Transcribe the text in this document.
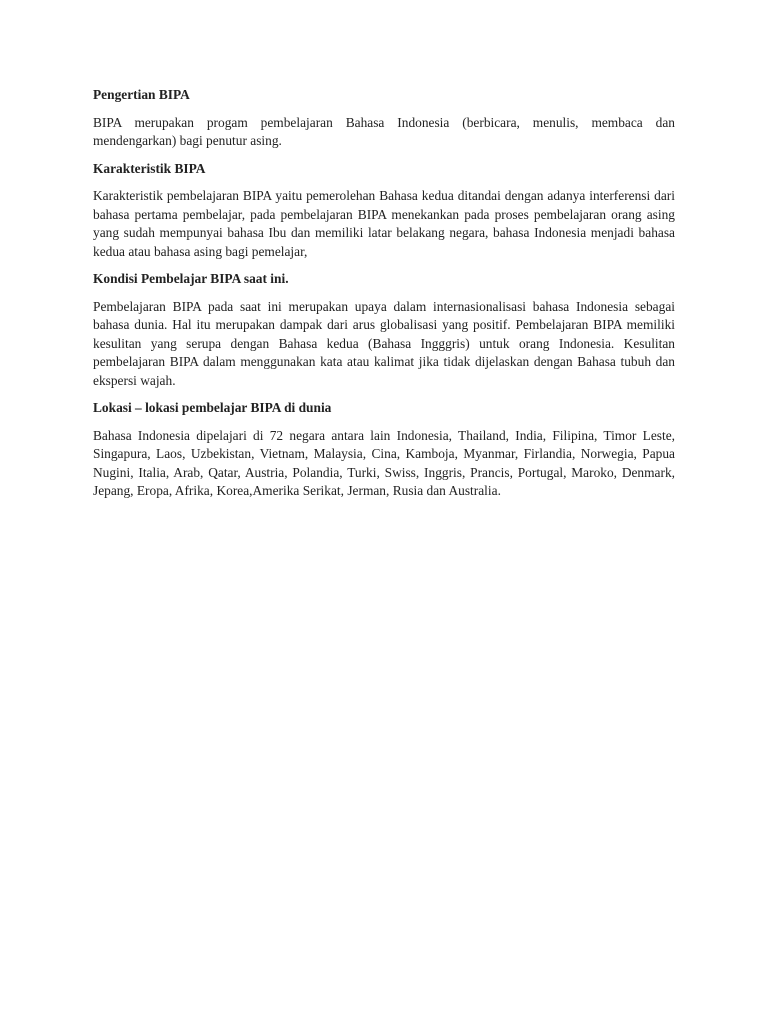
Pengertian BIPA

BIPA merupakan progam pembelajaran Bahasa Indonesia (berbicara, menulis, membaca dan mendengarkan) bagi penutur asing.

Karakteristik BIPA

Karakteristik pembelajaran BIPA yaitu pemerolehan Bahasa kedua ditandai dengan adanya interferensi dari bahasa pertama pembelajar, pada pembelajaran BIPA menekankan pada proses pembelajaran orang asing yang sudah mempunyai bahasa Ibu dan memiliki latar belakang negara, bahasa Indonesia menjadi bahasa kedua atau bahasa asing bagi pemelajar,

Kondisi Pembelajar BIPA saat ini.

Pembelajaran BIPA pada saat ini merupakan upaya dalam internasionalisasi bahasa Indonesia sebagai bahasa dunia. Hal itu merupakan dampak dari arus globalisasi yang positif. Pembelajaran BIPA memiliki kesulitan yang serupa dengan Bahasa kedua (Bahasa Ingggris) untuk orang Indonesia. Kesulitan pembelajaran BIPA dalam menggunakan kata atau kalimat jika tidak dijelaskan dengan Bahasa tubuh dan ekspersi wajah.

Lokasi – lokasi pembelajar BIPA di dunia

Bahasa Indonesia dipelajari di 72 negara antara lain Indonesia, Thailand, India, Filipina, Timor Leste, Singapura, Laos, Uzbekistan, Vietnam, Malaysia, Cina, Kamboja, Myanmar, Firlandia, Norwegia, Papua Nugini, Italia, Arab, Qatar, Austria, Polandia, Turki, Swiss, Inggris, Prancis, Portugal, Maroko, Denmark, Jepang, Eropa, Afrika, Korea,Amerika Serikat, Jerman, Rusia dan Australia.
